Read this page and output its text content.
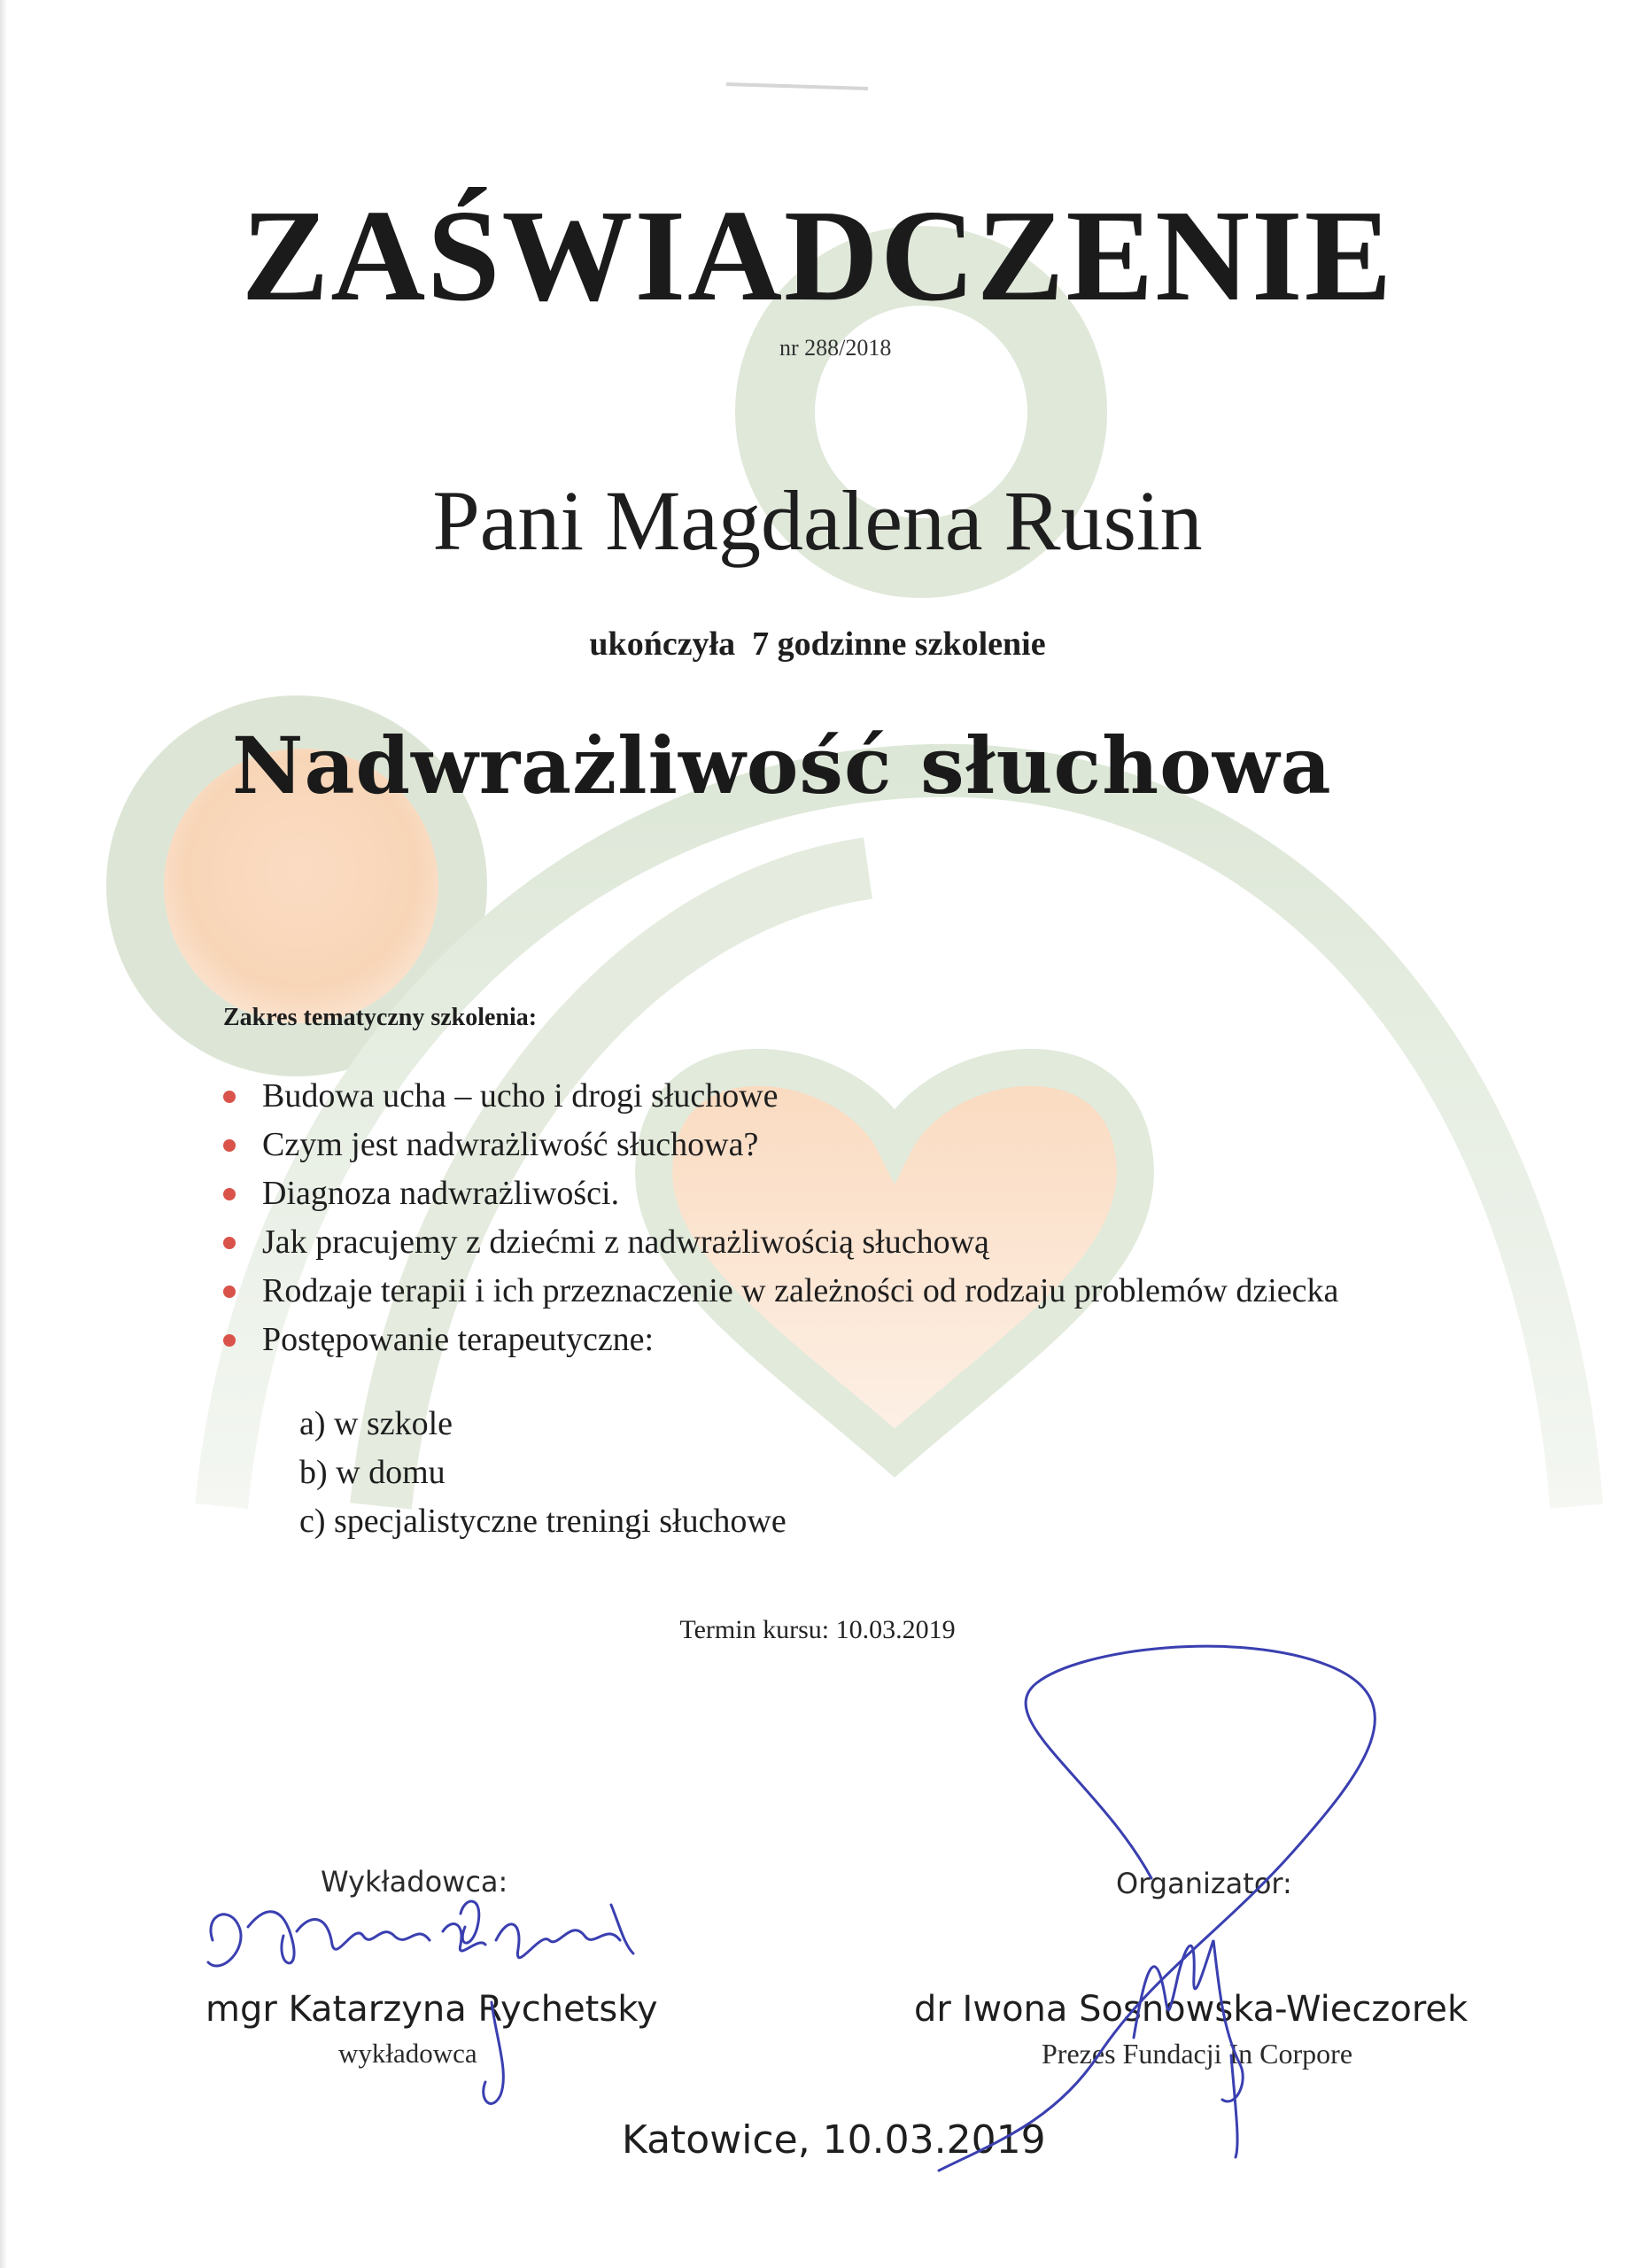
ZAŚWIADCZENIE
nr 288/2018
Pani Magdalena Rusin
ukończyła  7 godzinne szkolenie
Nadwrażliwość słuchowa
Zakres tematyczny szkolenia:
Budowa ucha – ucho i drogi słuchowe
Czym jest nadwrażliwość słuchowa?
Diagnoza nadwrażliwości.
Jak pracujemy z dziećmi z nadwrażliwością słuchową
Rodzaje terapii i ich przeznaczenie w zależności od rodzaju problemów dziecka
Postępowanie terapeutyczne:
a) w szkole
b) w domu
c) specjalistyczne treningi słuchowe
Termin kursu: 10.03.2019
Wykładowca:	Organizator:
mgr Katarzyna Rychetsky
wykładowca
dr Iwona Sosnowska-Wieczorek
Prezes Fundacji In Corpore
Katowice, 10.03.2019
